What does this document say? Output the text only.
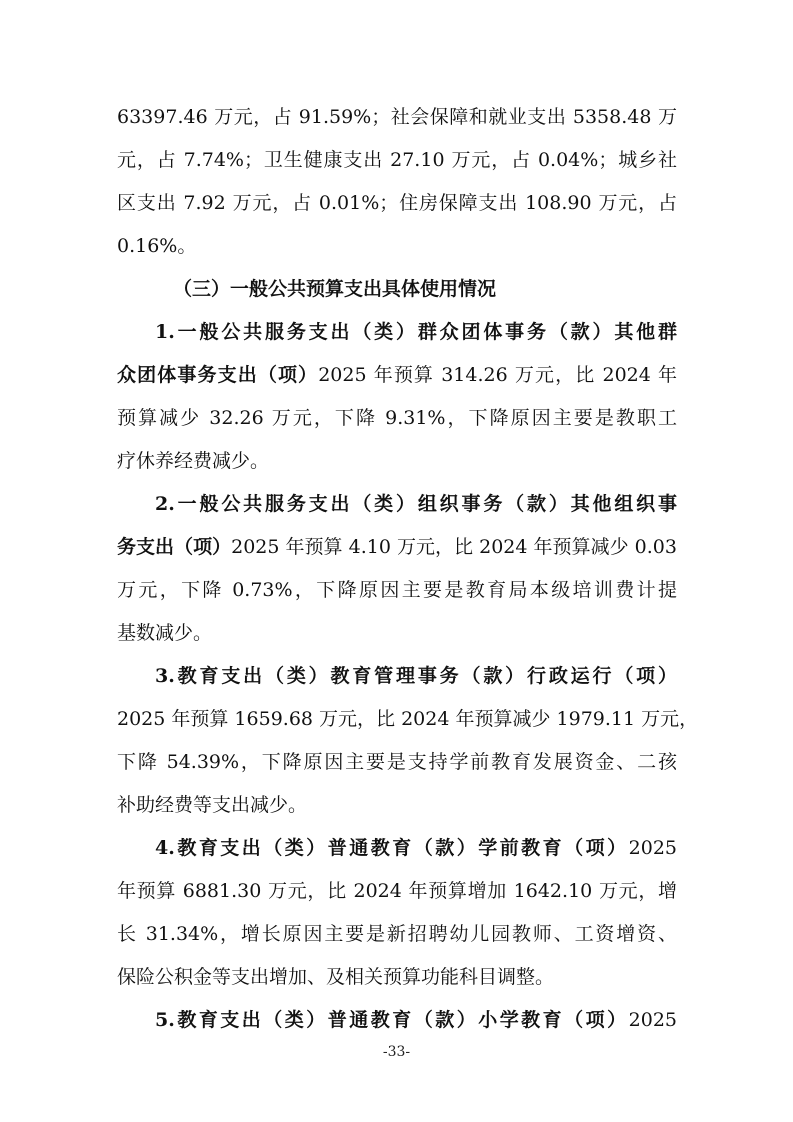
63397.46 万元，占 91.59%；社会保障和就业支出 5358.48 万
元，占 7.74%；卫生健康支出 27.10 万元，占 0.04%；城乡社
区支出 7.92 万元，占 0.01%；住房保障支出 108.90 万元，占
0.16%。
（三）一般公共预算支出具体使用情况
1.一般公共服务支出（类）群众团体事务（款）其他群
众团体事务支出（项）2025 年预算 314.26 万元，比 2024 年
预算减少 32.26 万元，下降 9.31%，下降原因主要是教职工
疗休养经费减少。
2.一般公共服务支出（类）组织事务（款）其他组织事
务支出（项）2025 年预算 4.10 万元，比 2024 年预算减少 0.03
万元，下降 0.73%，下降原因主要是教育局本级培训费计提
基数减少。
3.教育支出（类）教育管理事务（款）行政运行（项）
2025 年预算 1659.68 万元，比 2024 年预算减少 1979.11 万元，
下降 54.39%，下降原因主要是支持学前教育发展资金、二孩
补助经费等支出减少。
4.教育支出（类）普通教育（款）学前教育（项）2025
年预算 6881.30 万元，比 2024 年预算增加 1642.10 万元，增
长 31.34%，增长原因主要是新招聘幼儿园教师、工资增资、
保险公积金等支出增加、及相关预算功能科目调整。
5.教育支出（类）普通教育（款）小学教育（项）2025
-33-
